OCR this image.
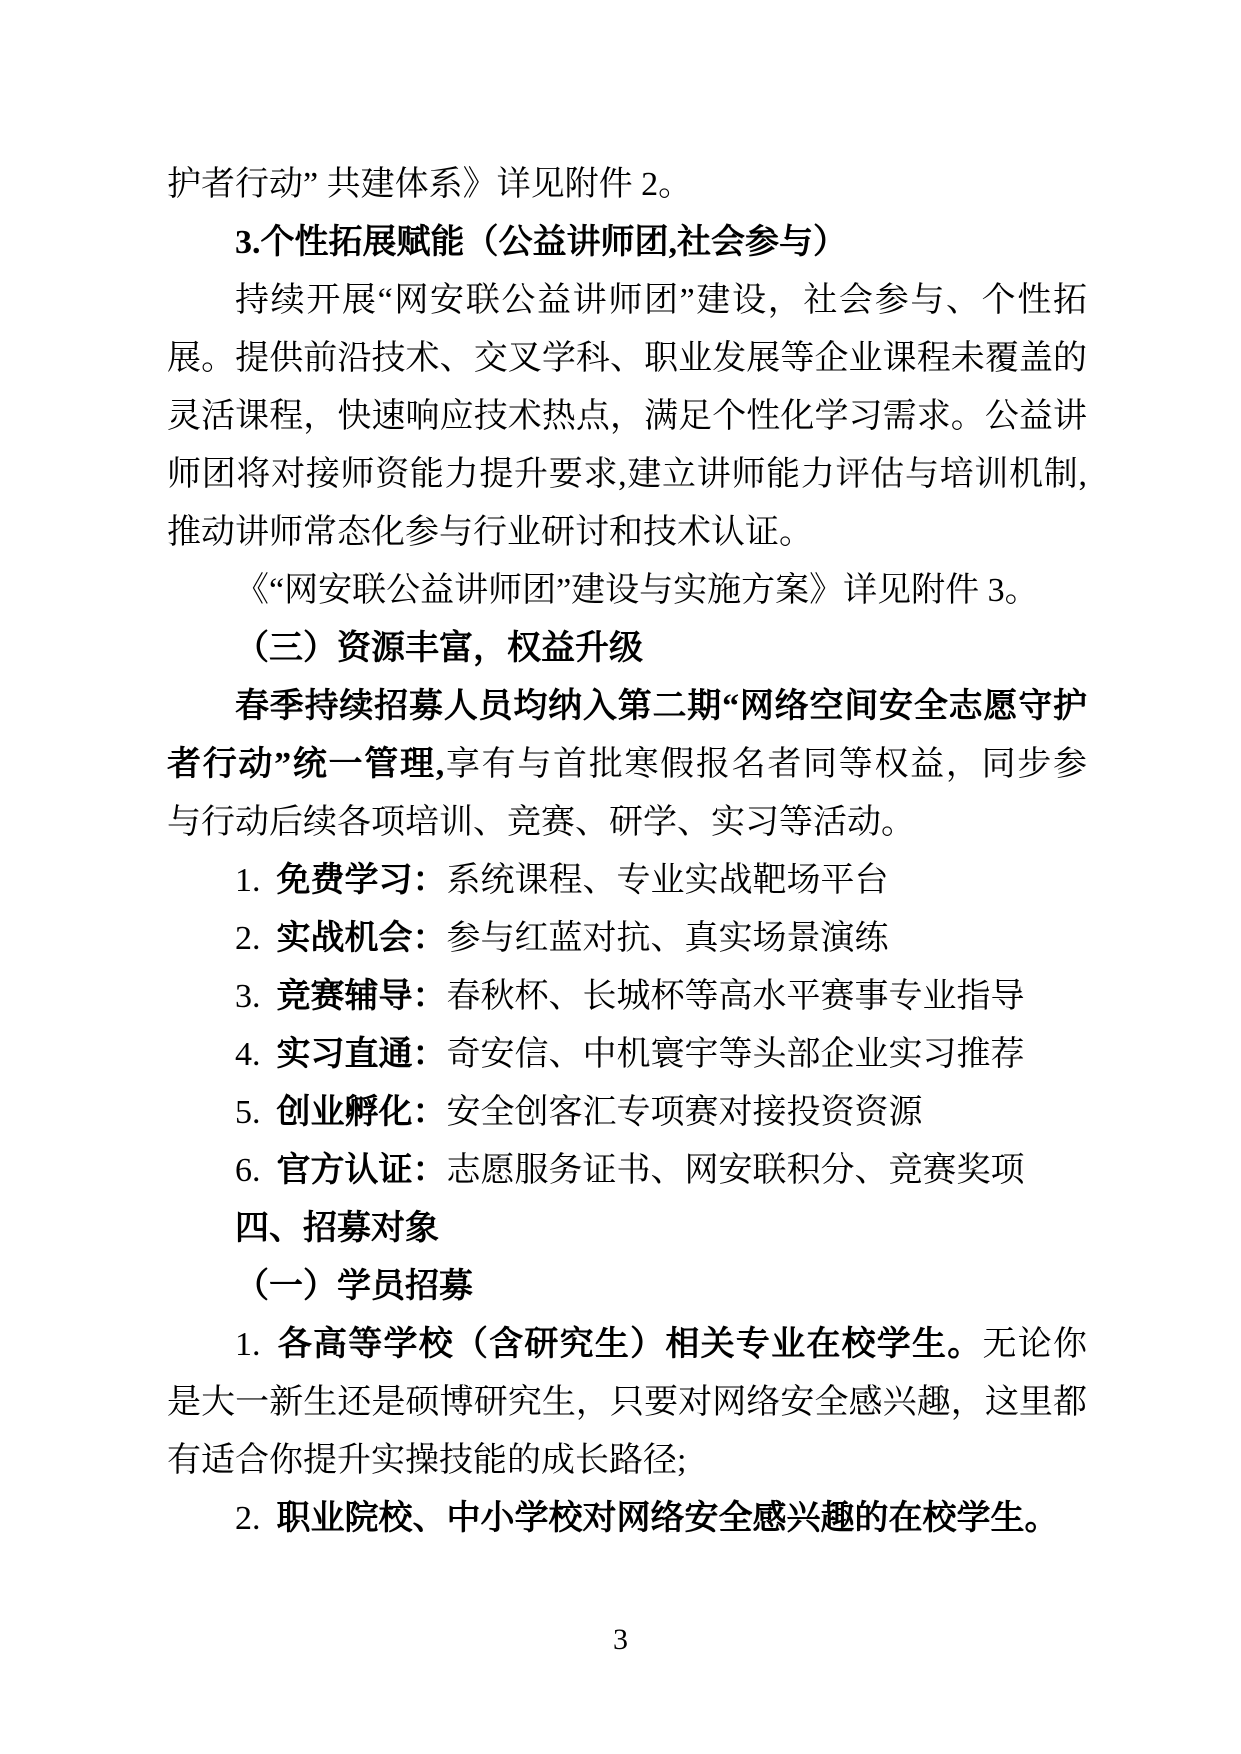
护者行动” 共建体系》详见附件 2。
3.个性拓展赋能（公益讲师团,社会参与）
持续开展“网安联公益讲师团”建设，社会参与、个性拓
展。提供前沿技术、交叉学科、职业发展等企业课程未覆盖的
灵活课程，快速响应技术热点，满足个性化学习需求。公益讲
师团将对接师资能力提升要求,建立讲师能力评估与培训机制,
推动讲师常态化参与行业研讨和技术认证。
《“网安联公益讲师团”建设与实施方案》详见附件 3。
（三）资源丰富，权益升级
春季持续招募人员均纳入第二期“网络空间安全志愿守护
者行动”统一管理,享有与首批寒假报名者同等权益，同步参
与行动后续各项培训、竞赛、研学、实习等活动。
1. 免费学习：系统课程、专业实战靶场平台
2. 实战机会：参与红蓝对抗、真实场景演练
3. 竞赛辅导：春秋杯、长城杯等高水平赛事专业指导
4. 实习直通：奇安信、中机寰宇等头部企业实习推荐
5. 创业孵化：安全创客汇专项赛对接投资资源
6. 官方认证：志愿服务证书、网安联积分、竞赛奖项
四、招募对象
（一）学员招募
1. 各高等学校（含研究生）相关专业在校学生。无论你
是大一新生还是硕博研究生，只要对网络安全感兴趣，这里都
有适合你提升实操技能的成长路径;
2. 职业院校、中小学校对网络安全感兴趣的在校学生。
3
